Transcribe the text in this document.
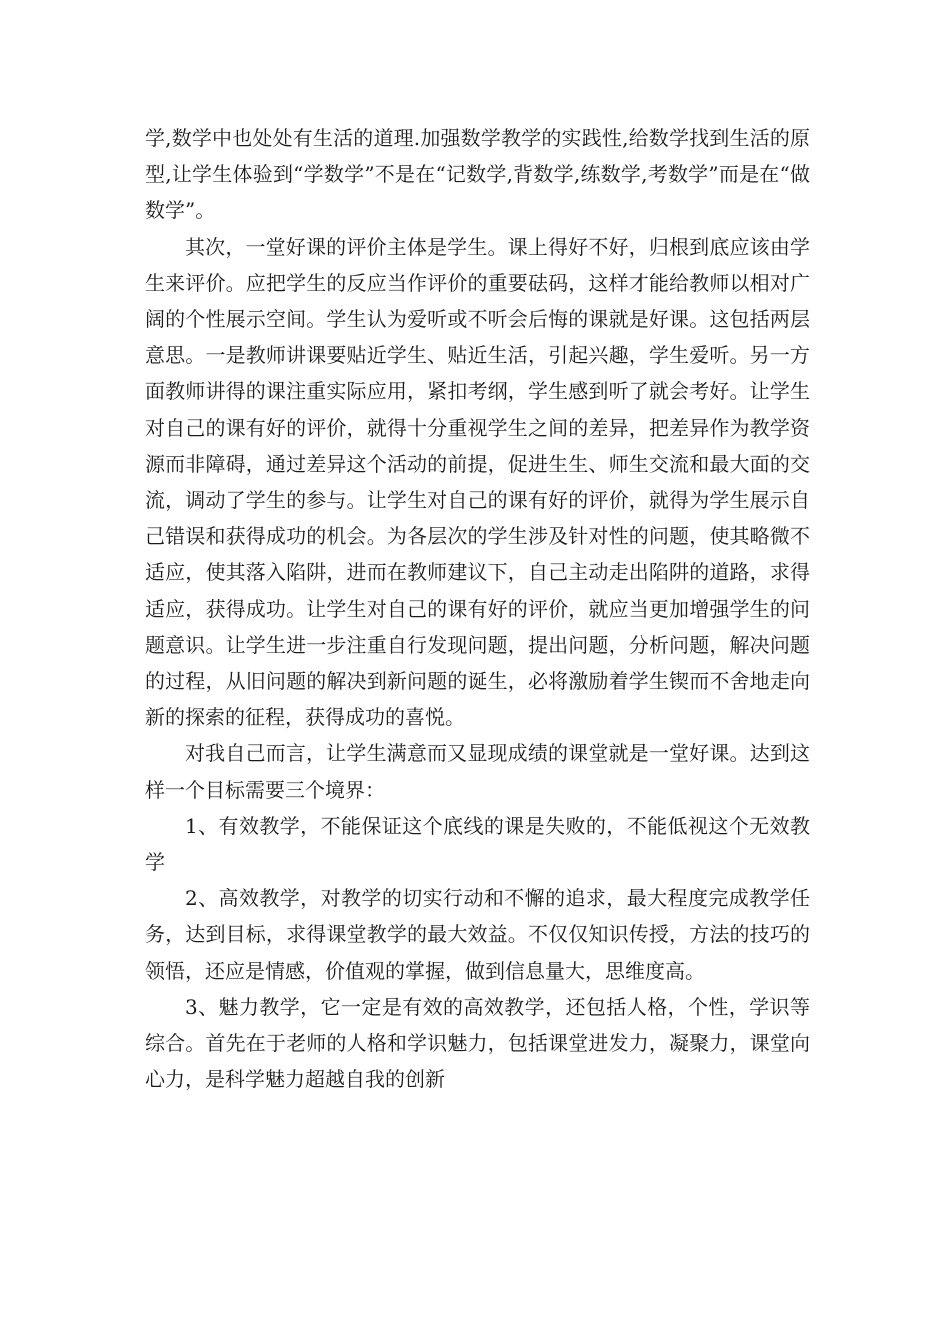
学,数学中也处处有生活的道理.加强数学教学的实践性,给数学找到生活的原型,让学生体验到“学数学”不是在“记数学,背数学,练数学,考数学”而是在“做数学”。

其次，一堂好课的评价主体是学生。课上得好不好，归根到底应该由学生来评价。应把学生的反应当作评价的重要砝码，这样才能给教师以相对广阔的个性展示空间。学生认为爱听或不听会后悔的课就是好课。这包括两层意思。一是教师讲课要贴近学生、贴近生活，引起兴趣，学生爱听。另一方面教师讲得的课注重实际应用，紧扣考纲，学生感到听了就会考好。让学生对自己的课有好的评价，就得十分重视学生之间的差异，把差异作为教学资源而非障碍，通过差异这个活动的前提，促进生生、师生交流和最大面的交流，调动了学生的参与。让学生对自己的课有好的评价，就得为学生展示自己错误和获得成功的机会。为各层次的学生涉及针对性的问题，使其略微不适应，使其落入陷阱，进而在教师建议下，自己主动走出陷阱的道路，求得适应，获得成功。让学生对自己的课有好的评价，就应当更加增强学生的问题意识。让学生进一步注重自行发现问题，提出问题，分析问题，解决问题的过程，从旧问题的解决到新问题的诞生，必将激励着学生锲而不舍地走向新的探索的征程，获得成功的喜悦。

对我自己而言，让学生满意而又显现成绩的课堂就是一堂好课。达到这样一个目标需要三个境界：

1、有效教学，不能保证这个底线的课是失败的，不能低视这个无效教学

2、高效教学，对教学的切实行动和不懈的追求，最大程度完成教学任务，达到目标，求得课堂教学的最大效益。不仅仅知识传授，方法的技巧的领悟，还应是情感，价值观的掌握，做到信息量大，思维度高。

3、魅力教学，它一定是有效的高效教学，还包括人格，个性，学识等综合。首先在于老师的人格和学识魅力，包括课堂进发力，凝聚力，课堂向心力，是科学魅力超越自我的创新
